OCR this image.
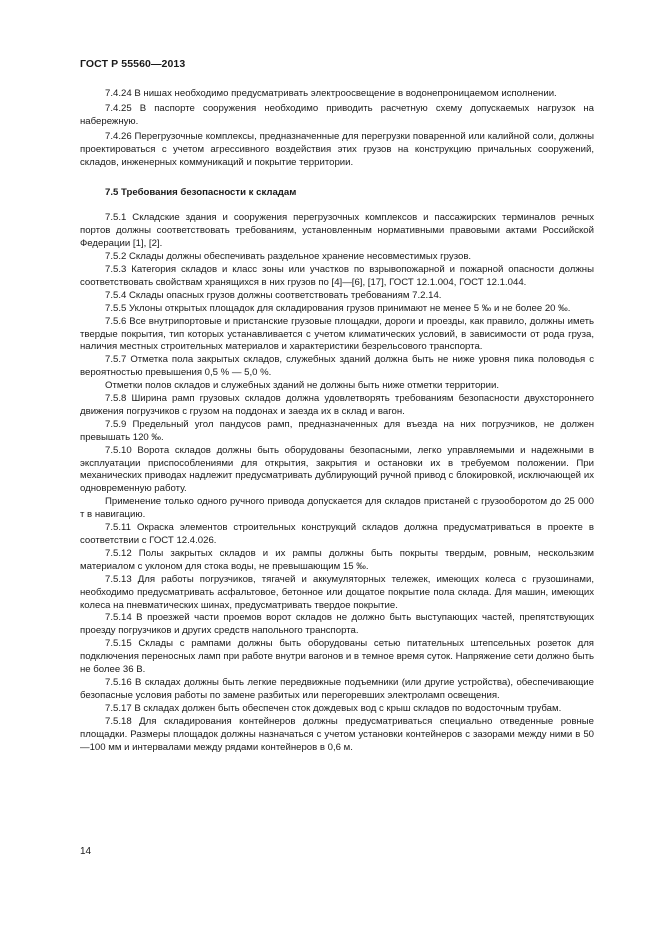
ГОСТ Р 55560—2013

7.4.24 В нишах необходимо предусматривать электроосвещение в водонепроницаемом исполнении.

7.4.25 В паспорте сооружения необходимо приводить расчетную схему допускаемых нагрузок на набережную.

7.4.26 Перегрузочные комплексы, предназначенные для перегрузки поваренной или калийной соли, должны проектироваться с учетом агрессивного воздействия этих грузов на конструкцию причальных сооружений, складов, инженерных коммуникаций и покрытие территории.

7.5 Требования безопасности к складам

7.5.1 Складские здания и сооружения перегрузочных комплексов и пассажирских терминалов речных портов должны соответствовать требованиям, установленным нормативными правовыми актами Российской Федерации [1], [2].

7.5.2 Склады должны обеспечивать раздельное хранение несовместимых грузов.

7.5.3 Категория складов и класс зоны или участков по взрывопожарной и пожарной опасности должны соответствовать свойствам хранящихся в них грузов по [4]—[6], [17], ГОСТ 12.1.004, ГОСТ 12.1.044.

7.5.4 Склады опасных грузов должны соответствовать требованиям 7.2.14.

7.5.5 Уклоны открытых площадок для складирования грузов принимают не менее 5 ‰ и не более 20 ‰.

7.5.6 Все внутрипортовые и пристанские грузовые площадки, дороги и проезды, как правило, должны иметь твердые покрытия, тип которых устанавливается с учетом климатических условий, в зависимости от рода груза, наличия местных строительных материалов и характеристики безрельсового транспорта.

7.5.7 Отметка пола закрытых складов, служебных зданий должна быть не ниже уровня пика половодья с вероятностью превышения 0,5 % — 5,0 %.

Отметки полов складов и служебных зданий не должны быть ниже отметки территории.

7.5.8 Ширина рамп грузовых складов должна удовлетворять требованиям безопасности двухстороннего движения погрузчиков с грузом на поддонах и заезда их в склад и вагон.

7.5.9 Предельный угол пандусов рамп, предназначенных для въезда на них погрузчиков, не должен превышать 120 ‰.

7.5.10 Ворота складов должны быть оборудованы безопасными, легко управляемыми и надежными в эксплуатации приспособлениями для открытия, закрытия и остановки их в требуемом положении. При механических приводах надлежит предусматривать дублирующий ручной привод с блокировкой, исключающей их одновременную работу.

Применение только одного ручного привода допускается для складов пристаней с грузооборотом до 25 000 т в навигацию.

7.5.11 Окраска элементов строительных конструкций складов должна предусматриваться в проекте в соответствии с ГОСТ 12.4.026.

7.5.12 Полы закрытых складов и их рампы должны быть покрыты твердым, ровным, нескользким материалом с уклоном для стока воды, не превышающим 15 ‰.

7.5.13 Для работы погрузчиков, тягачей и аккумуляторных тележек, имеющих колеса с грузошинами, необходимо предусматривать асфальтовое, бетонное или дощатое покрытие пола склада. Для машин, имеющих колеса на пневматических шинах, предусматривать твердое покрытие.

7.5.14 В проезжей части проемов ворот складов не должно быть выступающих частей, препятствующих проезду погрузчиков и других средств напольного транспорта.

7.5.15 Склады с рампами должны быть оборудованы сетью питательных штепсельных розеток для подключения переносных ламп при работе внутри вагонов и в темное время суток. Напряжение сети должно быть не более 36 В.

7.5.16 В складах должны быть легкие передвижные подъемники (или другие устройства), обеспечивающие безопасные условия работы по замене разбитых или перегоревших электроламп освещения.

7.5.17 В складах должен быть обеспечен сток дождевых вод с крыш складов по водосточным трубам.

7.5.18 Для складирования контейнеров должны предусматриваться специально отведенные ровные площадки. Размеры площадок должны назначаться с учетом установки контейнеров с зазорами между ними в 50—100 мм и интервалами между рядами контейнеров в 0,6 м.

14
